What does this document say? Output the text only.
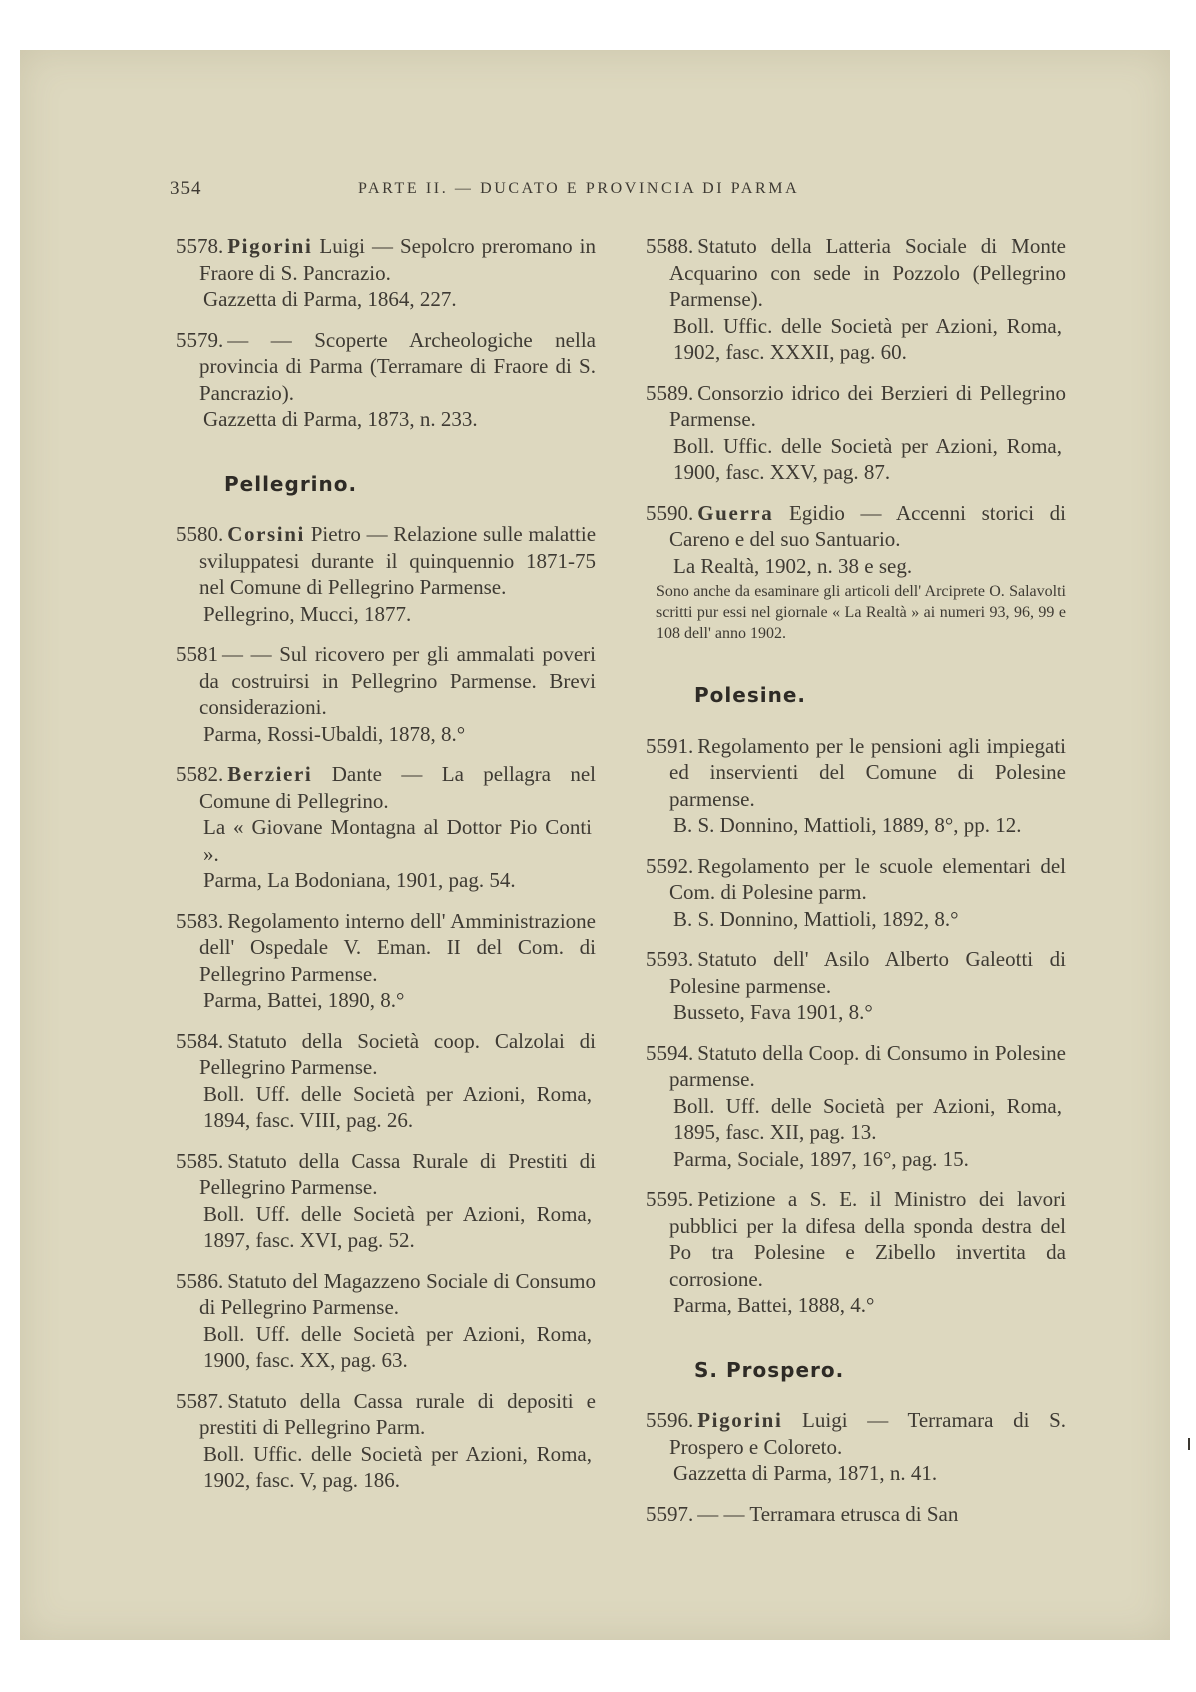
354	PARTE II. — DUCATO E PROVINCIA DI PARMA
5578. Pigorini Luigi — Sepolcro preromano in Fraore di S. Pancrazio.
Gazzetta di Parma, 1864, 227.
5579. — — Scoperte Archeologiche nella provincia di Parma (Terramare di Fraore di S. Pancrazio).
Gazzetta di Parma, 1873, n. 233.
Pellegrino.
5580. Corsini Pietro — Relazione sulle malattie sviluppatesi durante il quinquennio 1871-75 nel Comune di Pellegrino Parmense.
Pellegrino, Mucci, 1877.
5581 — — Sul ricovero per gli ammalati poveri da costruirsi in Pellegrino Parmense. Brevi considerazioni.
Parma, Rossi-Ubaldi, 1878, 8.°
5582. Berzieri Dante — La pellagra nel Comune di Pellegrino.
La « Giovane Montagna al Dottor Pio Conti ».
Parma, La Bodoniana, 1901, pag. 54.
5583. Regolamento interno dell' Amministrazione dell' Ospedale V. Eman. II del Com. di Pellegrino Parmense.
Parma, Battei, 1890, 8.°
5584. Statuto della Società coop. Calzolai di Pellegrino Parmense.
Boll. Uff. delle Società per Azioni, Roma, 1894, fasc. VIII, pag. 26.
5585. Statuto della Cassa Rurale di Prestiti di Pellegrino Parmense.
Boll. Uff. delle Società per Azioni, Roma, 1897, fasc. XVI, pag. 52.
5586. Statuto del Magazzeno Sociale di Consumo di Pellegrino Parmense.
Boll. Uff. delle Società per Azioni, Roma, 1900, fasc. XX, pag. 63.
5587. Statuto della Cassa rurale di depositi e prestiti di Pellegrino Parm.
Boll. Uffic. delle Società per Azioni, Roma, 1902, fasc. V, pag. 186.
5588. Statuto della Latteria Sociale di Monte Acquarino con sede in Pozzolo (Pellegrino Parmense).
Boll. Uffic. delle Società per Azioni, Roma, 1902, fasc. XXXII, pag. 60.
5589. Consorzio idrico dei Berzieri di Pellegrino Parmense.
Boll. Uffic. delle Società per Azioni, Roma, 1900, fasc. XXV, pag. 87.
5590. Guerra Egidio — Accenni storici di Careno e del suo Santuario.
La Realtà, 1902, n. 38 e seg.
Sono anche da esaminare gli articoli dell' Arciprete O. Salavolti scritti pur essi nel giornale « La Realtà » ai numeri 93, 96, 99 e 108 dell' anno 1902.
Polesine.
5591. Regolamento per le pensioni agli impiegati ed inservienti del Comune di Polesine parmense.
B. S. Donnino, Mattioli, 1889, 8°, pp. 12.
5592. Regolamento per le scuole elementari del Com. di Polesine parm.
B. S. Donnino, Mattioli, 1892, 8.°
5593. Statuto dell' Asilo Alberto Galeotti di Polesine parmense.
Busseto, Fava 1901, 8.°
5594. Statuto della Coop. di Consumo in Polesine parmense.
Boll. Uff. delle Società per Azioni, Roma, 1895, fasc. XII, pag. 13.
Parma, Sociale, 1897, 16°, pag. 15.
5595. Petizione a S. E. il Ministro dei lavori pubblici per la difesa della sponda destra del Po tra Polesine e Zibello invertita da corrosione.
Parma, Battei, 1888, 4.°
S. Prospero.
5596. Pigorini Luigi — Terramara di S. Prospero e Coloreto.
Gazzetta di Parma, 1871, n. 41.
5597. — — Terramara etrusca di San
